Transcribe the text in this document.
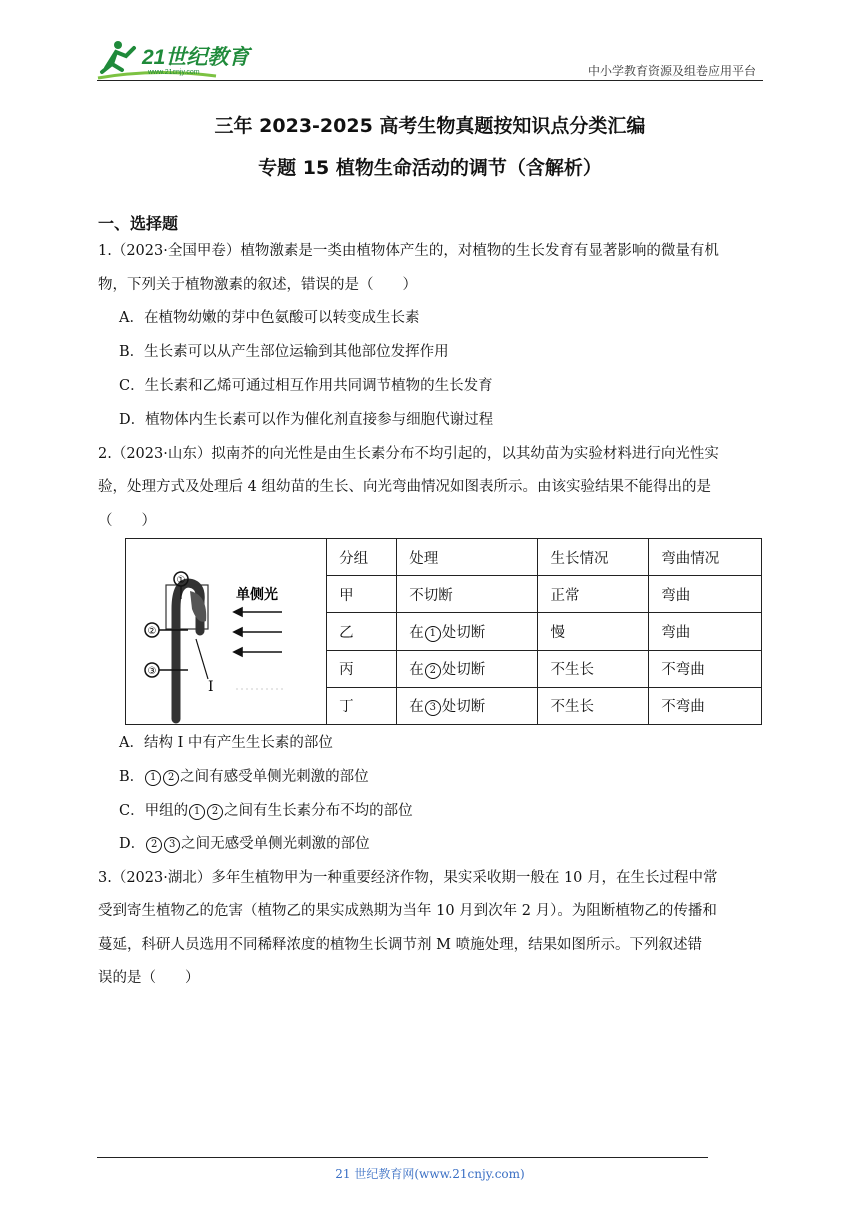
21世纪教育
www.21cnjy.com	中小学教育资源及组卷应用平台
三年 2023-2025 高考生物真题按知识点分类汇编
专题 15 植物生命活动的调节（含解析）
一、选择题
1.（2023·全国甲卷）植物激素是一类由植物体产生的，对植物的生长发育有显著影响的微量有机
物，下列关于植物激素的叙述，错误的是（　　）
A．在植物幼嫩的芽中色氨酸可以转变成生长素
B．生长素可以从产生部位运输到其他部位发挥作用
C．生长素和乙烯可通过相互作用共同调节植物的生长发育
D．植物体内生长素可以作为催化剂直接参与细胞代谢过程
2.（2023·山东）拟南芥的向光性是由生长素分布不均引起的，以其幼苗为实验材料进行向光性实
验，处理方式及处理后 4 组幼苗的生长、向光弯曲情况如图表所示。由该实验结果不能得出的是
（　　）
①
②
③
I
单侧光	分组	处理	生长情况	弯曲情况
	甲	不切断	正常	弯曲
	乙	在 1 处切断	慢	弯曲
	丙	在 2 处切断	不生长	不弯曲
	丁	在 3 处切断	不生长	不弯曲
A．结构 I 中有产生生长素的部位
B． 1 2 之间有感受单侧光刺激的部位
C．甲组的 1 2 之间有生长素分布不均的部位
D． 2 3 之间无感受单侧光刺激的部位
3.（2023·湖北）多年生植物甲为一种重要经济作物，果实采收期一般在 10 月，在生长过程中常
受到寄生植物乙的危害（植物乙的果实成熟期为当年 10 月到次年 2 月）。为阻断植物乙的传播和
蔓延，科研人员选用不同稀释浓度的植物生长调节剂 M 喷施处理，结果如图所示。下列叙述错
误的是（　　）
21 世纪教育网(www.21cnjy.com)
